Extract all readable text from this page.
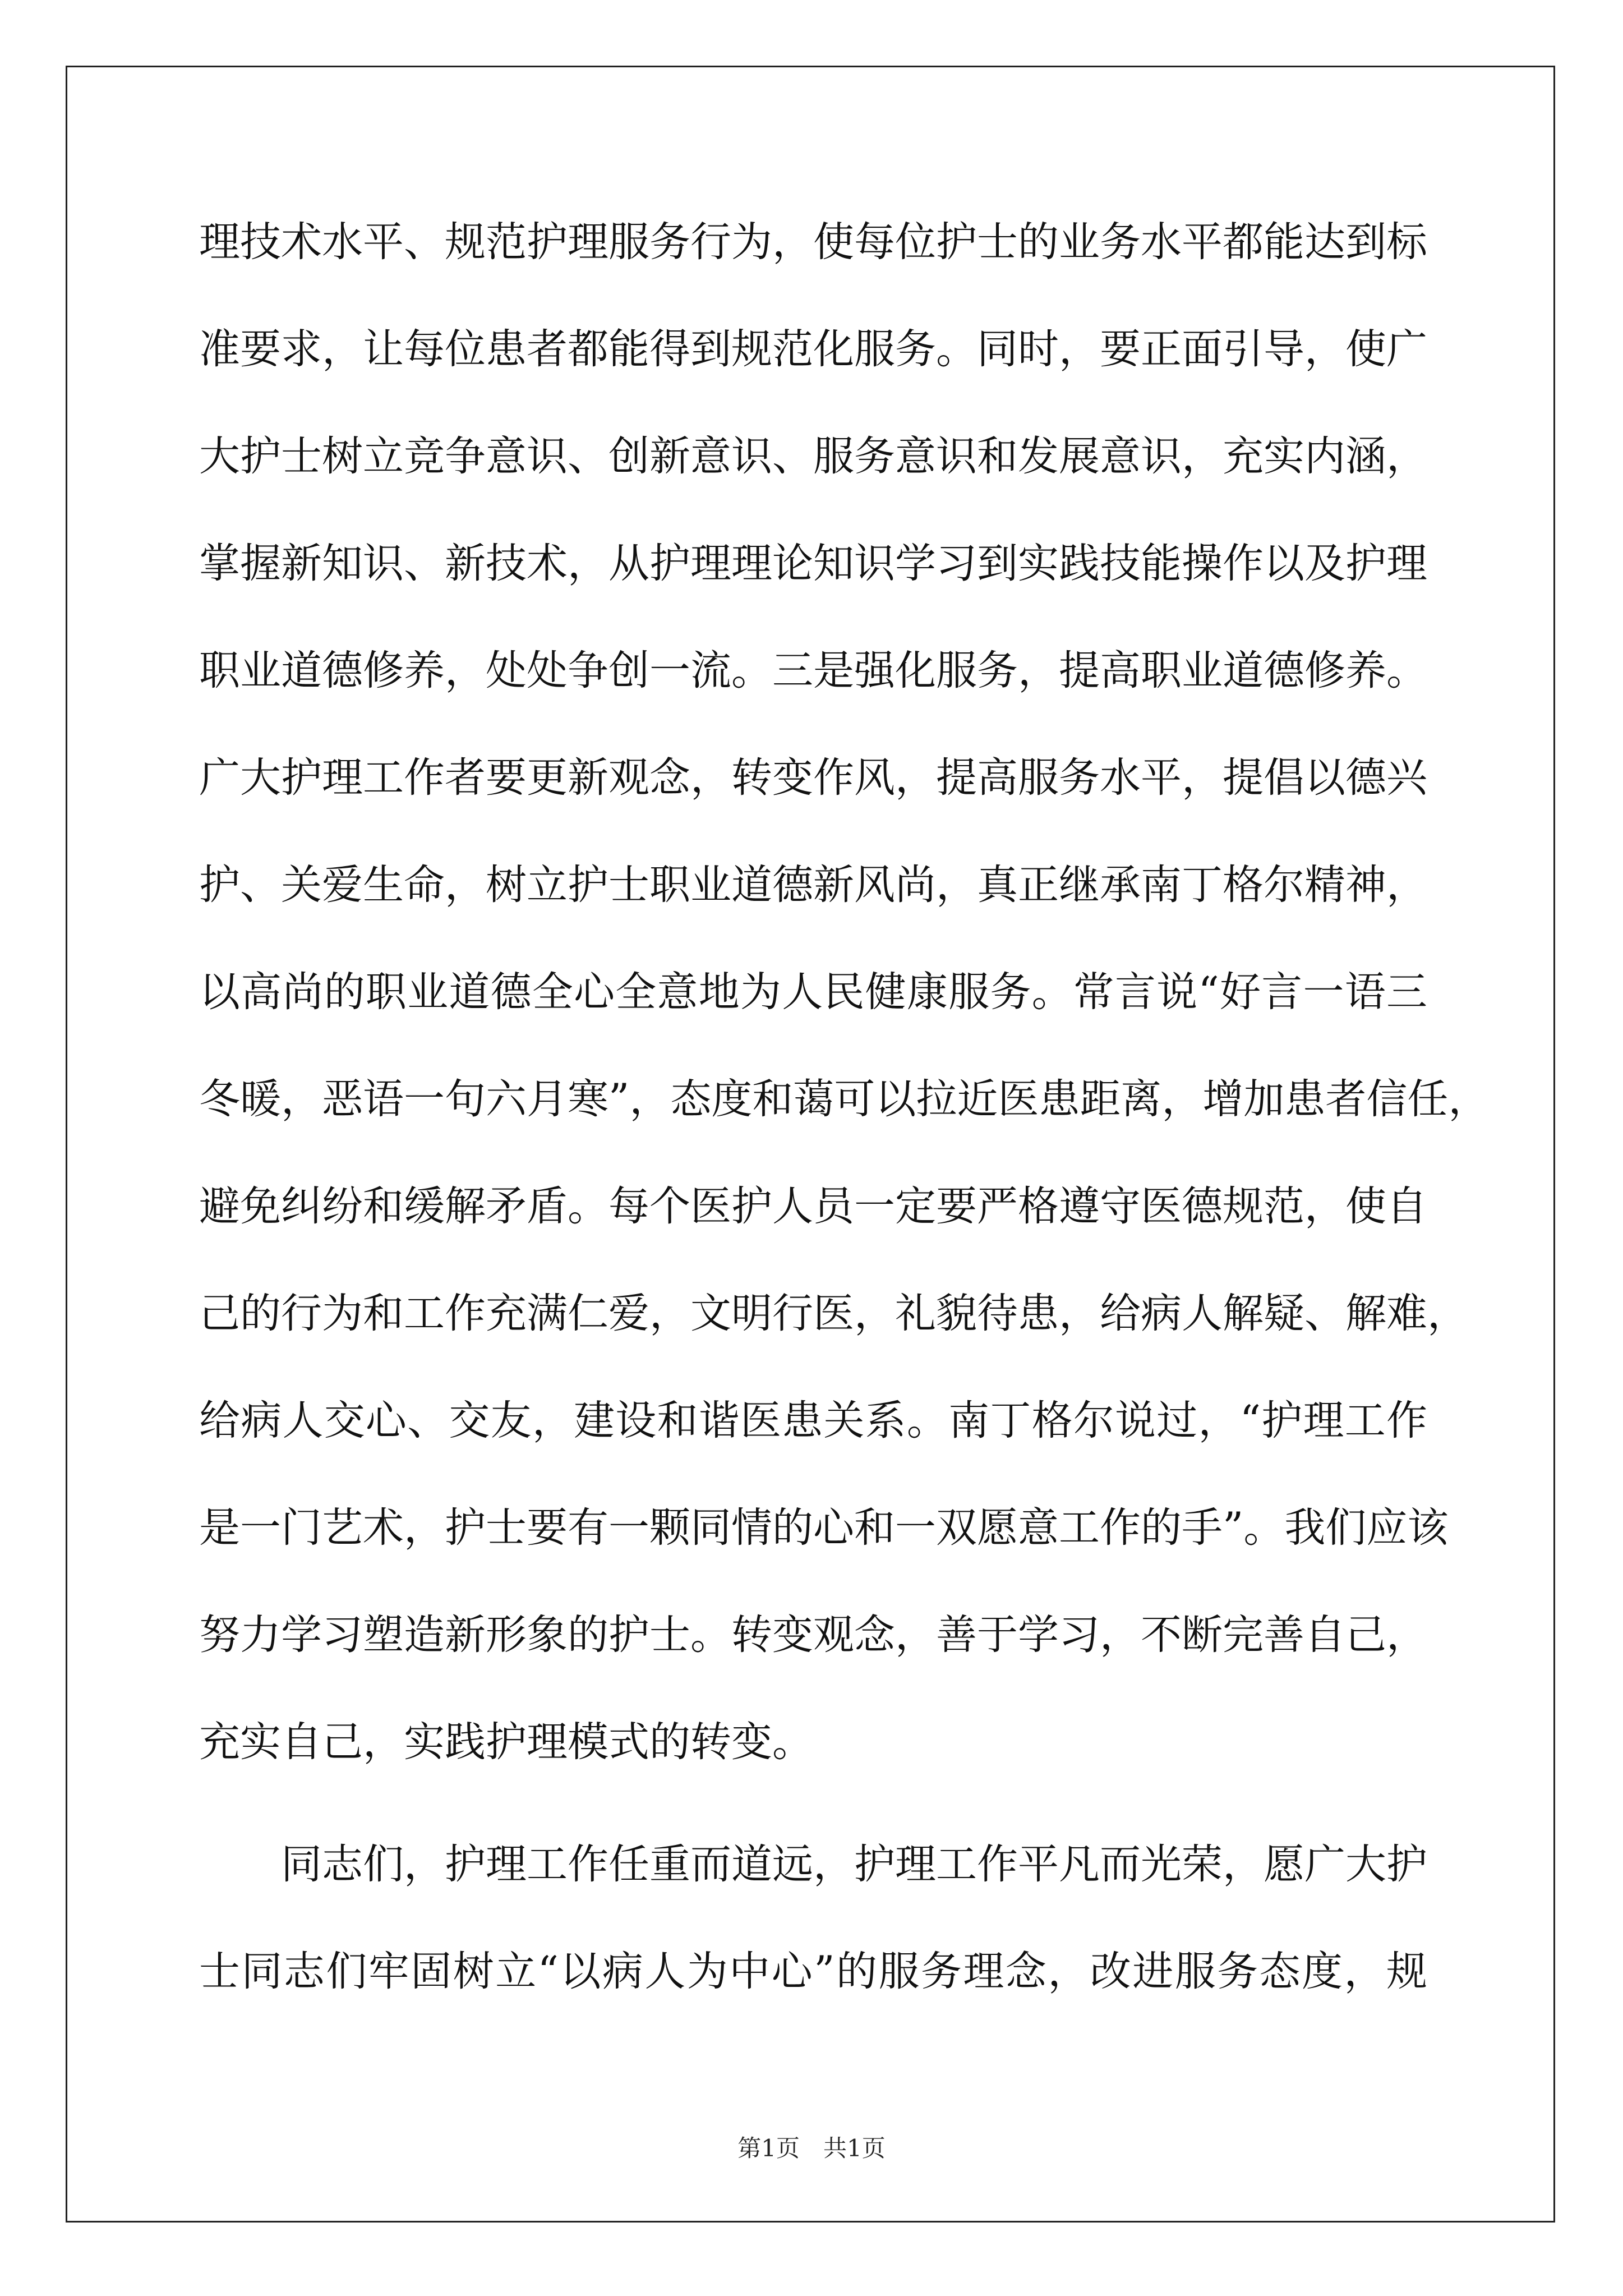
理技术水平、规范护理服务行为，使每位护士的业务水平都能达到标
准要求，让每位患者都能得到规范化服务。同时，要正面引导，使广
大护士树立竞争意识、创新意识、服务意识和发展意识，充实内涵，
掌握新知识、新技术，从护理理论知识学习到实践技能操作以及护理
职业道德修养，处处争创一流。三是强化服务，提高职业道德修养。
广大护理工作者要更新观念，转变作风，提高服务水平，提倡以德兴
护、关爱生命，树立护士职业道德新风尚，真正继承南丁格尔精神，
以高尚的职业道德全心全意地为人民健康服务。常言说“好言一语三
冬暖，恶语一句六月寒”，态度和蔼可以拉近医患距离，增加患者信任，
避免纠纷和缓解矛盾。每个医护人员一定要严格遵守医德规范，使自
己的行为和工作充满仁爱，文明行医，礼貌待患，给病人解疑、解难，
给病人交心、交友，建设和谐医患关系。南丁格尔说过，“护理工作
是一门艺术，护士要有一颗同情的心和一双愿意工作的手”。我们应该
努力学习塑造新形象的护士。转变观念，善于学习，不断完善自己，
充实自己，实践护理模式的转变。
同志们，护理工作任重而道远，护理工作平凡而光荣，愿广大护
士同志们牢固树立“以病人为中心”的服务理念，改进服务态度，规
第1页　共1页
